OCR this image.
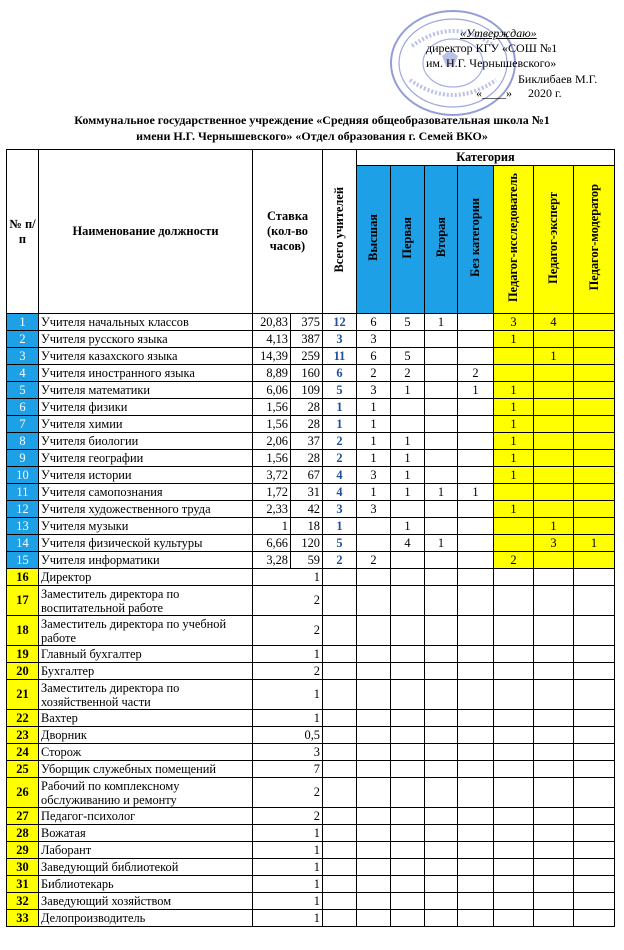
«Утверждаю»
директор КГУ «СОШ №1
им. Н.Г. Чернышевского»
Биклибаев М.Г.
«____» 2020 г.
Коммунальное государственное учреждение «Средняя общеобразовательная школа №1
имени Н.Г. Чернышевского» «Отдел образования г. Семей ВКО»
№ п/п	Наименование должности	Ставка (кол-во часов)		Всего учителей	Категория						
					Высшая	Первая	Вторая	Без категории	Педагог-исследователь	Педагог-эксперт	Педагог-модератор
1	Учителя начальных классов	20,83	375	12	6	5	1		3	4	
2	Учителя русского языка	4,13	387	3	3				1		
3	Учителя казахского языка	14,39	259	11	6	5				1	
4	Учителя иностранного языка	8,89	160	6	2	2		2			
5	Учителя математики	6,06	109	5	3	1		1	1		
6	Учителя физики	1,56	28	1	1				1		
7	Учителя химии	1,56	28	1	1				1		
8	Учителя биологии	2,06	37	2	1	1			1		
9	Учителя географии	1,56	28	2	1	1			1		
10	Учителя истории	3,72	67	4	3	1			1		
11	Учителя самопознания	1,72	31	4	1	1	1	1			
12	Учителя художественного труда	2,33	42	3	3				1		
13	Учителя музыки	1	18	1		1				1	
14	Учителя физической культуры	6,66	120	5		4	1			3	1
15	Учителя информатики	3,28	59	2	2				2		
16	Директор	1									
17	Заместитель директора по воспитательной работе	2									
18	Заместитель директора по учебной работе	2									
19	Главный бухгалтер	1									
20	Бухгалтер	2									
21	Заместитель директора по хозяйственной части	1									
22	Вахтер	1									
23	Дворник	0,5									
24	Сторож	3									
25	Уборщик служебных помещений	7									
26	Рабочий по комплексному обслуживанию и ремонту	2									
27	Педагог-психолог	2									
28	Вожатая	1									
29	Лаборант	1									
30	Заведующий библиотекой	1									
31	Библиотекарь	1									
32	Заведующий хозяйством	1									
33	Делопроизводитель	1									
